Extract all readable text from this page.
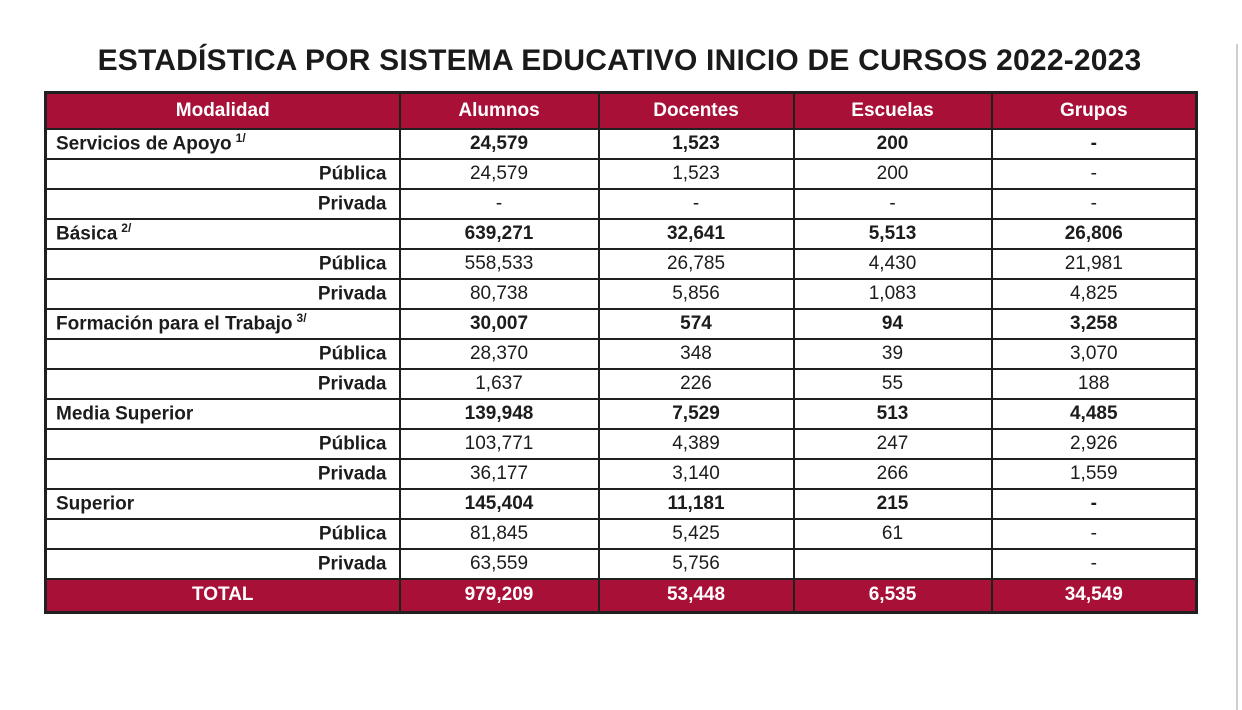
ESTADÍSTICA POR SISTEMA EDUCATIVO INICIO DE CURSOS 2022-2023
Modalidad	Alumnos	Docentes	Escuelas	Grupos
Servicios de Apoyo $^{1/}$	24,579	1,523	200	-
Pública	24,579	1,523	200	-
Privada	-	-	-	-
Básica $^{2/}$	639,271	32,641	5,513	26,806
Pública	558,533	26,785	4,430	21,981
Privada	80,738	5,856	1,083	4,825
Formación para el Trabajo $^{3/}$	30,007	574	94	3,258
Pública	28,370	348	39	3,070
Privada	1,637	226	55	188
Media Superior	139,948	7,529	513	4,485
Pública	103,771	4,389	247	2,926
Privada	36,177	3,140	266	1,559
Superior	145,404	11,181	215	-
Pública	81,845	5,425	61	-
Privada	63,559	5,756		-
TOTAL	979,209	53,448	6,535	34,549
